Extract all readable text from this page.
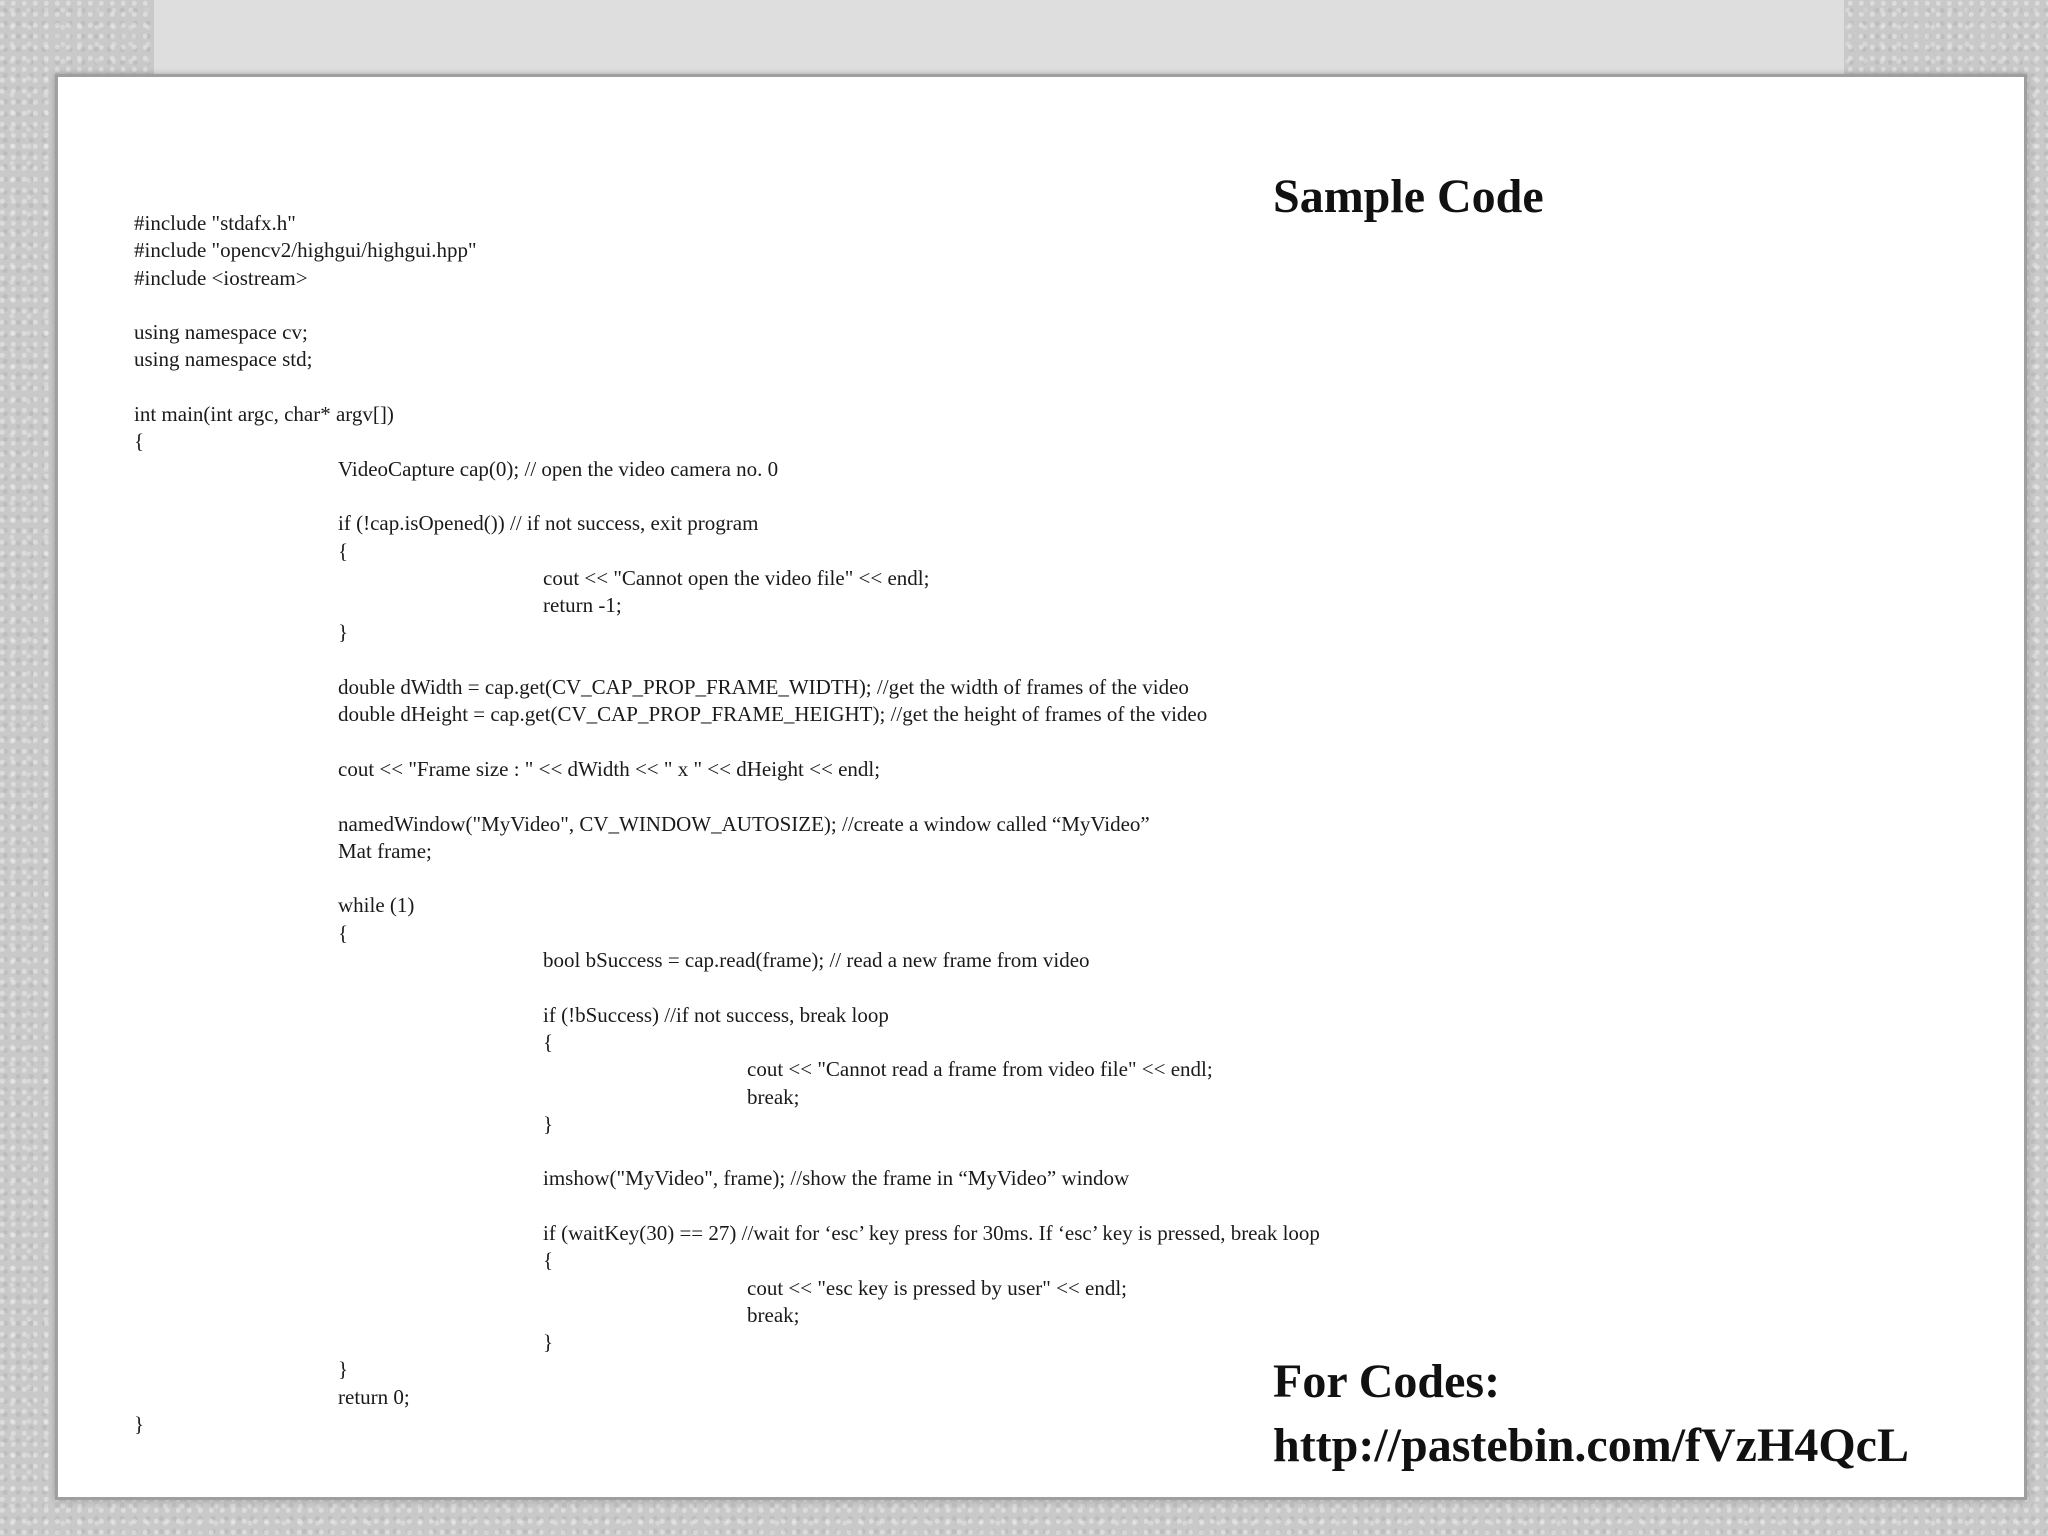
Sample Code
#include "stdafx.h"
#include "opencv2/highgui/highgui.hpp"
#include <iostream>
using namespace cv;
using namespace std;
int main(int argc, char* argv[])
{
VideoCapture cap(0); // open the video camera no. 0
if (!cap.isOpened()) // if not success, exit program
{
cout << "Cannot open the video file" << endl;
return -1;
}
double dWidth = cap.get(CV_CAP_PROP_FRAME_WIDTH); //get the width of frames of the video
double dHeight = cap.get(CV_CAP_PROP_FRAME_HEIGHT); //get the height of frames of the video
cout << "Frame size : " << dWidth << " x " << dHeight << endl;
namedWindow("MyVideo", CV_WINDOW_AUTOSIZE); //create a window called “MyVideo”
Mat frame;
while (1)
{
bool bSuccess = cap.read(frame); // read a new frame from video
if (!bSuccess) //if not success, break loop
{
cout << "Cannot read a frame from video file" << endl;
break;
}
imshow("MyVideo", frame); //show the frame in “MyVideo” window
if (waitKey(30) == 27) //wait for ‘esc’ key press for 30ms. If ‘esc’ key is pressed, break loop
{
cout << "esc key is pressed by user" << endl;
break;
}
}
return 0;
}
For Codes:
http://pastebin.com/fVzH4QcL
